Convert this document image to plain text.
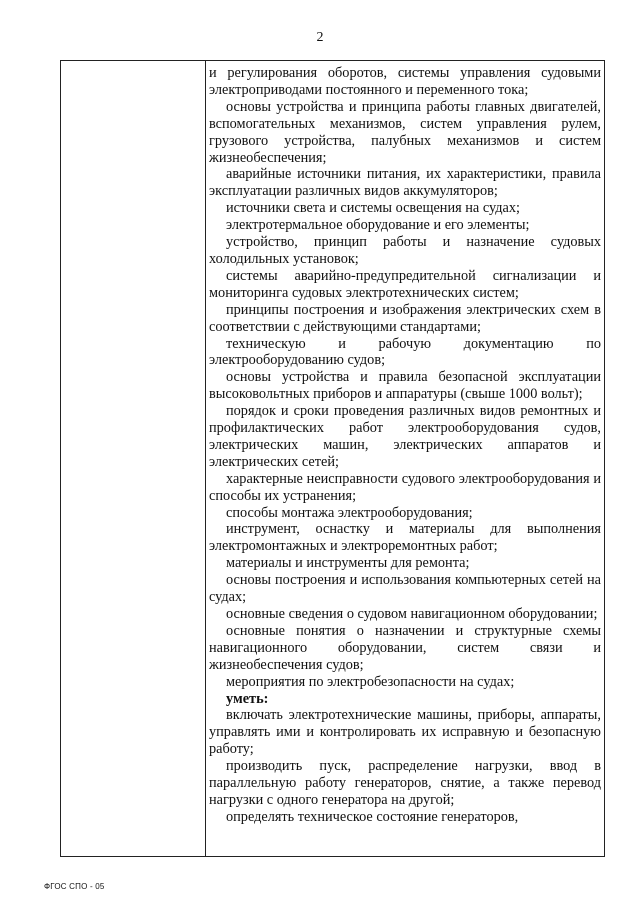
2

и регулирования оборотов, системы управления судовыми электроприводами постоянного и переменного тока;

основы устройства и принципа работы главных двигателей, вспомогательных механизмов, систем управления рулем, грузового устройства, палубных механизмов и систем жизнеобеспечения;

аварийные источники питания, их характеристики, правила эксплуатации различных видов аккумуляторов;

источники света и системы освещения на судах;

электротермальное оборудование и его элементы;

устройство, принцип работы и назначение судовых холодильных установок;

системы аварийно-предупредительной сигнализации и мониторинга судовых электротехнических систем;

принципы построения и изображения электрических схем в соответствии с действующими стандартами;

техническую и рабочую документацию по электрооборудованию судов;

основы устройства и правила безопасной эксплуатации высоковольтных приборов и аппаратуры (свыше 1000 вольт);

порядок и сроки проведения различных видов ремонтных и профилактических работ электрооборудования судов, электрических машин, электрических аппаратов и электрических сетей;

характерные неисправности судового электрооборудования и способы их устранения;

способы монтажа электрооборудования;

инструмент, оснастку и материалы для выполнения электромонтажных и электроремонтных работ;

материалы и инструменты для ремонта;

основы построения и использования компьютерных сетей на судах;

основные сведения о судовом навигационном оборудовании;

основные понятия о назначении и структурные схемы навигационного оборудовании, систем связи и жизнеобеспечения судов;

мероприятия по электробезопасности на судах;

уметь:

включать электротехнические машины, приборы, аппараты, управлять ими и контролировать их исправную и безопасную работу;

производить пуск, распределение нагрузки, ввод в параллельную работу генераторов, снятие, а также перевод нагрузки с одного генератора на другой;

определять техническое состояние генераторов,

ФГОС СПО - 05
